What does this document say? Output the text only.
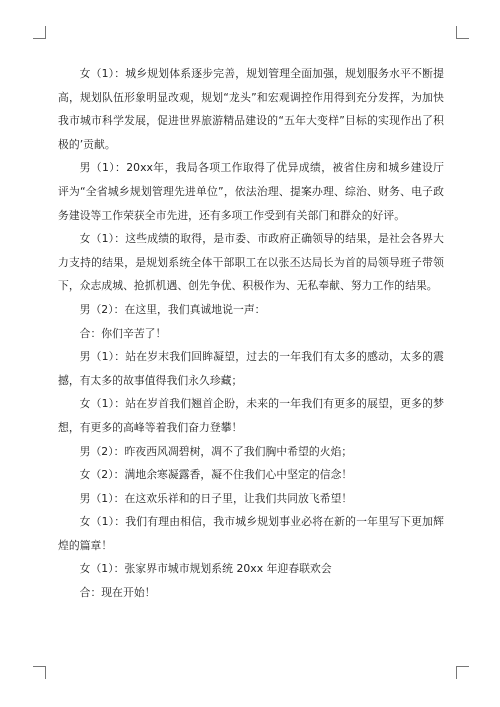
女（1）：城乡规划体系逐步完善，规划管理全面加强，规划服务水平不断提高，规划队伍形象明显改观，规划“龙头”和宏观调控作用得到充分发挥，为加快我市城市科学发展，促进世界旅游精品建设的“五年大变样”目标的实现作出了积极的’贡献。

男（1）：20xx年，我局各项工作取得了优异成绩，被省住房和城乡建设厅评为“全省城乡规划管理先进单位”，依法治理、提案办理、综治、财务、电子政务建设等工作荣获全市先进，还有多项工作受到有关部门和群众的好评。

女（1）：这些成绩的取得，是市委、市政府正确领导的结果，是社会各界大力支持的结果，是规划系统全体干部职工在以张丕达局长为首的局领导班子带领下，众志成城、抢抓机遇、创先争优、积极作为、无私奉献、努力工作的结果。

男（2）：在这里，我们真诚地说一声：

合：你们辛苦了！

男（1）：站在岁末我们回眸凝望，过去的一年我们有太多的感动，太多的震撼，有太多的故事值得我们永久珍藏；

女（1）：站在岁首我们翘首企盼，未来的一年我们有更多的展望，更多的梦想，有更多的高峰等着我们奋力登攀！

男（2）：昨夜西风凋碧树，凋不了我们胸中希望的火焰；

女（2）：满地余寒凝露香，凝不住我们心中坚定的信念！

男（1）：在这欢乐祥和的日子里，让我们共同放飞希望！

女（1）：我们有理由相信，我市城乡规划事业必将在新的一年里写下更加辉煌的篇章！

女（1）：张家界市城市规划系统 20xx 年迎春联欢会

合：现在开始！
